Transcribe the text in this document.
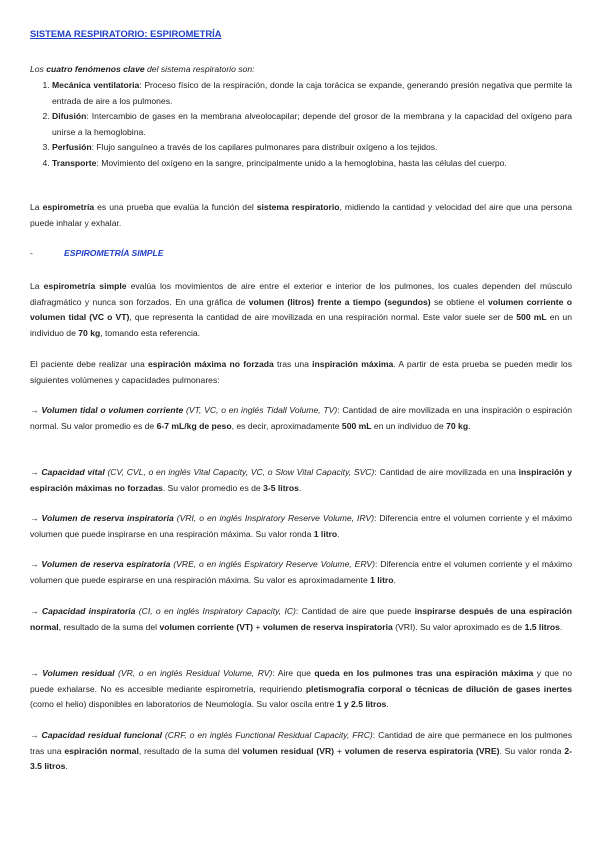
SISTEMA RESPIRATORIO: ESPIROMETRÍA

Los cuatro fenómenos clave del sistema respiratorio son:

1. Mecánica ventilatoria: Proceso físico de la respiración, donde la caja torácica se expande, generando presión negativa que permite la entrada de aire a los pulmones.
2. Difusión: Intercambio de gases en la membrana alveolocapilar; depende del grosor de la membrana y la capacidad del oxígeno para unirse a la hemoglobina.
3. Perfusión: Flujo sanguíneo a través de los capilares pulmonares para distribuir oxígeno a los tejidos.
4. Transporte: Movimiento del oxígeno en la sangre, principalmente unido a la hemoglobina, hasta las células del cuerpo.

La espirometría es una prueba que evalúa la función del sistema respiratorio, midiendo la cantidad y velocidad del aire que una persona puede inhalar y exhalar.

-	ESPIROMETRÍA SIMPLE

La espirometría simple evalúa los movimientos de aire entre el exterior e interior de los pulmones, los cuales dependen del músculo diafragmático y nunca son forzados. En una gráfica de volumen (litros) frente a tiempo (segundos) se obtiene el volumen corriente o volumen tidal (VC o VT), que representa la cantidad de aire movilizada en una respiración normal. Este valor suele ser de 500 mL en un individuo de 70 kg, tomando esta referencia.

El paciente debe realizar una espiración máxima no forzada tras una inspiración máxima. A partir de esta prueba se pueden medir los siguientes volúmenes y capacidades pulmonares:

→ Volumen tidal o volumen corriente (VT, VC, o en inglés Tidall Volume, TV): Cantidad de aire movilizada en una inspiración o espiración normal. Su valor promedio es de 6-7 mL/kg de peso, es decir, aproximadamente 500 mL en un individuo de 70 kg.

→ Capacidad vital (CV, CVL, o en inglés Vital Capacity, VC, o Slow Vital Capacity, SVC): Cantidad de aire movilizada en una inspiración y espiración máximas no forzadas. Su valor promedio es de 3-5 litros.

→ Volumen de reserva inspiratoria (VRI, o en inglés Inspiratory Reserve Volume, IRV): Diferencia entre el volumen corriente y el máximo volumen que puede inspirarse en una respiración máxima. Su valor ronda 1 litro.

→ Volumen de reserva espiratoria (VRE, o en inglés Espiratory Reserve Volume, ERV): Diferencia entre el volumen corriente y el máximo volumen que puede espirarse en una respiración máxima. Su valor es aproximadamente 1 litro.

→ Capacidad inspiratoria (CI, o en inglés Inspiratory Capacity, IC): Cantidad de aire que puede inspirarse después de una espiración normal, resultado de la suma del volumen corriente (VT) + volumen de reserva inspiratoria (VRI). Su valor aproximado es de 1.5 litros.

→ Volumen residual (VR, o en inglés Residual Volume, RV): Aire que queda en los pulmones tras una espiración máxima y que no puede exhalarse. No es accesible mediante espirometría, requiriendo pletismografía corporal o técnicas de dilución de gases inertes (como el helio) disponibles en laboratorios de Neumología. Su valor oscila entre 1 y 2.5 litros.

→ Capacidad residual funcional (CRF, o en inglés Functional Residual Capacity, FRC): Cantidad de aire que permanece en los pulmones tras una espiración normal, resultado de la suma del volumen residual (VR) + volumen de reserva espiratoria (VRE). Su valor ronda 2-3.5 litros.
